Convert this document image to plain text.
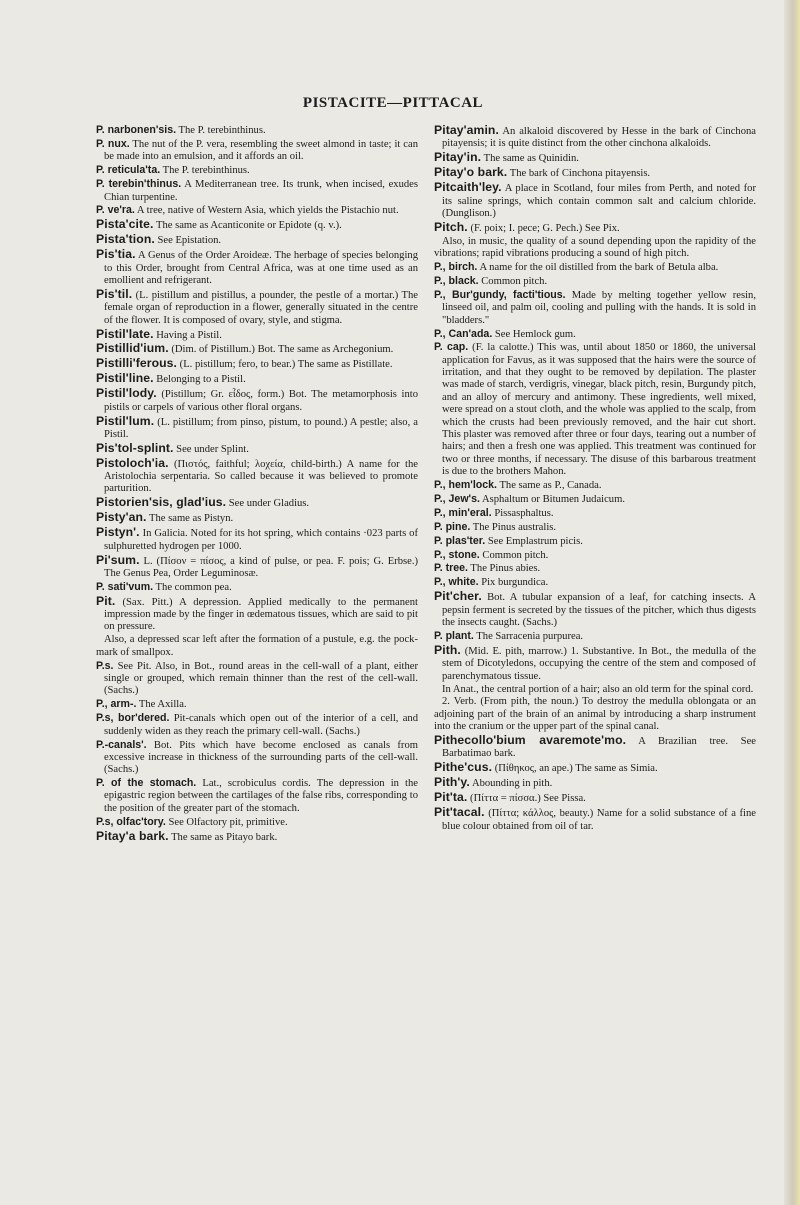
PISTACITE—PITTACAL

P. narbonen'sis. The P. terebinthinus.

P. nux. The nut of the P. vera, resembling the sweet almond in taste; it can be made into an emulsion, and it affords an oil.

P. reticula'ta. The P. terebinthinus.

P. terebin'thinus. A Mediterranean tree. Its trunk, when incised, exudes Chian turpentine.

P. ve'ra. A tree, native of Western Asia, which yields the Pistachio nut.

Pista'cite. The same as Acanticonite or Epidote (q. v.).

Pista'tion. See Epistation.

Pis'tia. A Genus of the Order Aroideæ. The herbage of species belonging to this Order, brought from Central Africa, was at one time used as an emollient and refrigerant.

Pis'til. (L. pistillum and pistillus, a pounder, the pestle of a mortar.) The female organ of reproduction in a flower, generally situated in the centre of the flower. It is composed of ovary, style, and stigma.

Pistil'late. Having a Pistil.

Pistillid'ium. (Dim. of Pistillum.) Bot. The same as Archegonium.

Pistilli'ferous. (L. pistillum; fero, to bear.) The same as Pistillate.

Pistil'line. Belonging to a Pistil.

Pistil'lody. (Pistillum; Gr. εἶδος, form.) Bot. The metamorphosis into pistils or carpels of various other floral organs.

Pistil'lum. (L. pistillum; from pinso, pistum, to pound.) A pestle; also, a Pistil.

Pis'tol-splint. See under Splint.

Pistoloch'ia. (Πιστός, faithful; λοχεία, child-birth.) A name for the Aristolochia serpentaria. So called because it was believed to promote parturition.

Pistorien'sis, glad'ius. See under Gladius.

Pisty'an. The same as Pistyn.

Pistyn'. In Galicia. Noted for its hot spring, which contains ·023 parts of sulphuretted hydrogen per 1000.

Pi'sum. L. (Πίσον = πίσος, a kind of pulse, or pea. F. pois; G. Erbse.) The Genus Pea, Order Leguminosæ.

P. sati'vum. The common pea.

Pit. (Sax. Pitt.) A depression. Applied medically to the permanent impression made by the finger in œdematous tissues, which are said to pit on pressure.

Also, a depressed scar left after the formation of a pustule, e.g. the pock-mark of smallpox.

P.s. See Pit. Also, in Bot., round areas in the cell-wall of a plant, either single or grouped, which remain thinner than the rest of the cell-wall. (Sachs.)

P., arm-. The Axilla.

P.s, bor'dered. Pit-canals which open out of the interior of a cell, and suddenly widen as they reach the primary cell-wall. (Sachs.)

P.-canals'. Bot. Pits which have become enclosed as canals from excessive increase in thickness of the surrounding parts of the cell-wall. (Sachs.)

P. of the stomach. Lat., scrobiculus cordis. The depression in the epigastric region between the cartilages of the false ribs, corresponding to the position of the greater part of the stomach.

P.s, olfac'tory. See Olfactory pit, primitive.

Pitay'a bark. The same as Pitayo bark.

Pitay'amin. An alkaloid discovered by Hesse in the bark of Cinchona pitayensis; it is quite distinct from the other cinchona alkaloids.

Pitay'in. The same as Quinidin.

Pitay'o bark. The bark of Cinchona pitayensis.

Pitcaith'ley. A place in Scotland, four miles from Perth, and noted for its saline springs, which contain common salt and calcium chloride. (Dunglison.)

Pitch. (F. poix; I. pece; G. Pech.) See Pix.

Also, in music, the quality of a sound depending upon the rapidity of the vibrations; rapid vibrations producing a sound of high pitch.

P., birch. A name for the oil distilled from the bark of Betula alba.

P., black. Common pitch.

P., Bur'gundy, facti'tious. Made by melting together yellow resin, linseed oil, and palm oil, cooling and pulling with the hands. It is sold in "bladders."

P., Can'ada. See Hemlock gum.

P. cap. (F. la calotte.) This was, until about 1850 or 1860, the universal application for Favus, as it was supposed that the hairs were the source of irritation, and that they ought to be removed by depilation. The plaster was made of starch, verdigris, vinegar, black pitch, resin, Burgundy pitch, and an alloy of mercury and antimony. These ingredients, well mixed, were spread on a stout cloth, and the whole was applied to the scalp, from which the crusts had been previously removed, and the hair cut short. This plaster was removed after three or four days, tearing out a number of hairs; and then a fresh one was applied. This treatment was continued for two or three months, if necessary. The disuse of this barbarous treatment is due to the brothers Mahon.

P., hem'lock. The same as P., Canada.

P., Jew's. Asphaltum or Bitumen Judaicum.

P., min'eral. Pissasphaltus.

P. pine. The Pinus australis.

P. plas'ter. See Emplastrum picis.

P., stone. Common pitch.

P. tree. The Pinus abies.

P., white. Pix burgundica.

Pit'cher. Bot. A tubular expansion of a leaf, for catching insects. A pepsin ferment is secreted by the tissues of the pitcher, which thus digests the insects caught. (Sachs.)

P. plant. The Sarracenia purpurea.

Pith. (Mid. E. pith, marrow.) 1. Substantive. In Bot., the medulla of the stem of Dicotyledons, occupying the centre of the stem and composed of parenchymatous tissue.

In Anat., the central portion of a hair; also an old term for the spinal cord.

2. Verb. (From pith, the noun.) To destroy the medulla oblongata or an adjoining part of the brain of an animal by introducing a sharp instrument into the cranium or the upper part of the spinal canal.

Pithecollo'bium avaremote'mo. A Brazilian tree. See Barbatimao bark.

Pithe'cus. (Πίθηκος, an ape.) The same as Simia.

Pith'y. Abounding in pith.

Pit'ta. (Πίττα = πίσσα.) See Pissa.

Pit'tacal. (Πίττα; κάλλος, beauty.) Name for a solid substance of a fine blue colour obtained from oil of tar.
